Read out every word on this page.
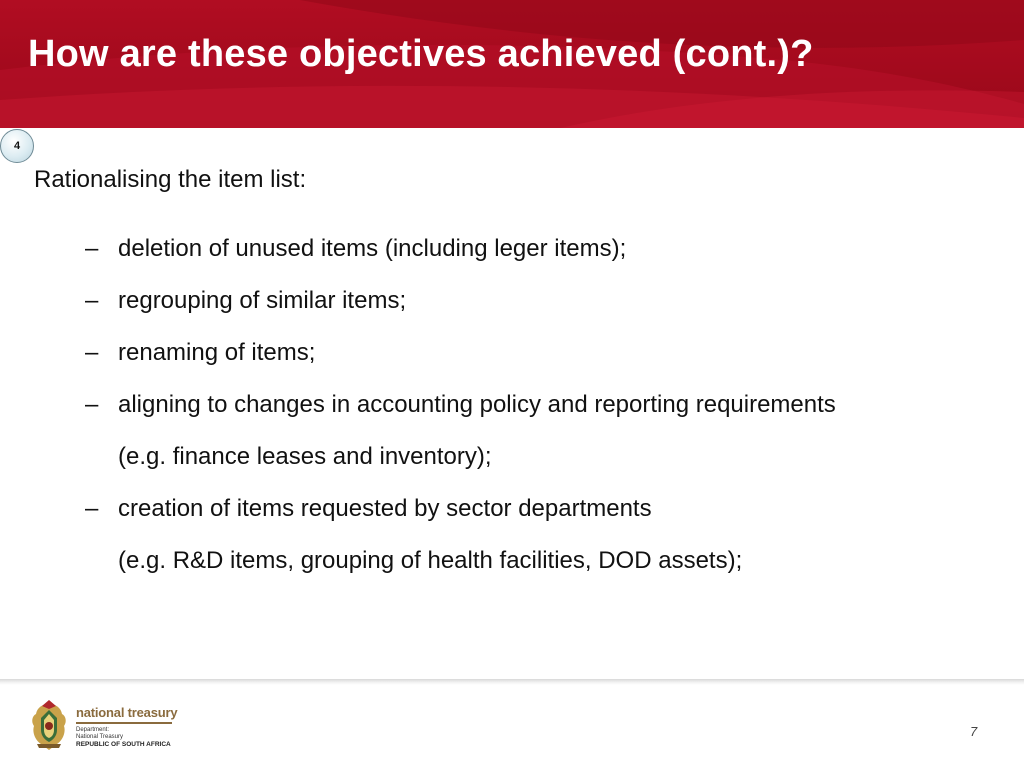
How are these objectives achieved (cont.)?
4

Rationalising the item list:

– deletion of unused items (including leger items);
– regrouping of similar items;
– renaming of items;
– aligning to changes in accounting policy and reporting requirements
(e.g. finance leases and inventory);
– creation of items requested by sector departments
(e.g. R&D items, grouping of health facilities, DOD assets);
national treasury
Department:
National Treasury
REPUBLIC OF SOUTH AFRICA
7
